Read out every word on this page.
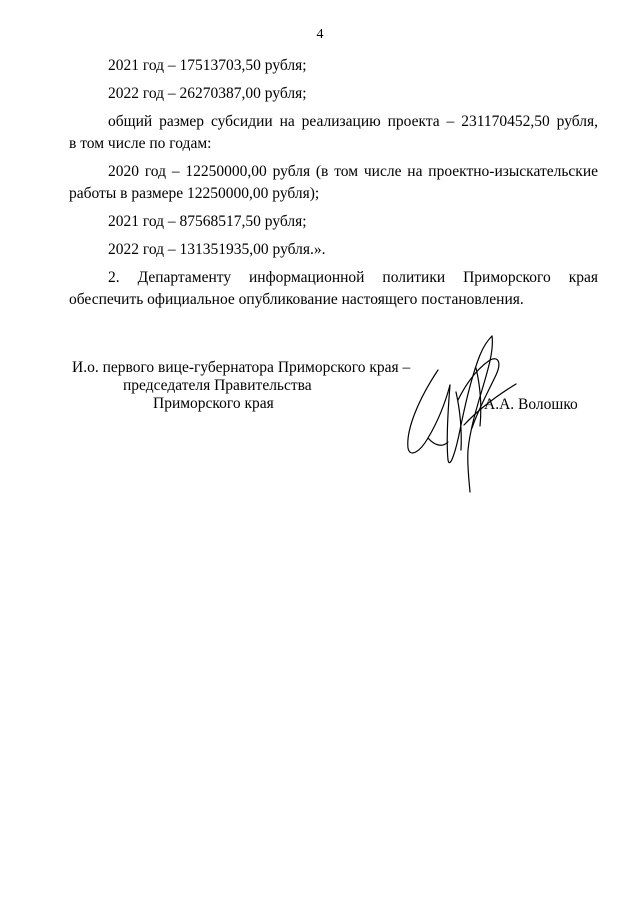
4
2021 год – 17513703,50 рубля;
2022 год – 26270387,00 рубля;
общий размер субсидии на реализацию проекта – 231170452,50 рубля,
в том числе по годам:
2020 год – 12250000,00 рубля (в том числе на проектно-изыскательские
работы в размере 12250000,00 рубля);
2021 год – 87568517,50 рубля;
2022 год – 131351935,00 рубля.».
2. Департаменту информационной политики Приморского края
обеспечить официальное опубликование настоящего постановления.
И.о. первого вице-губернатора Приморского края –
председателя Правительства
Приморского края	А.А. Волошко
